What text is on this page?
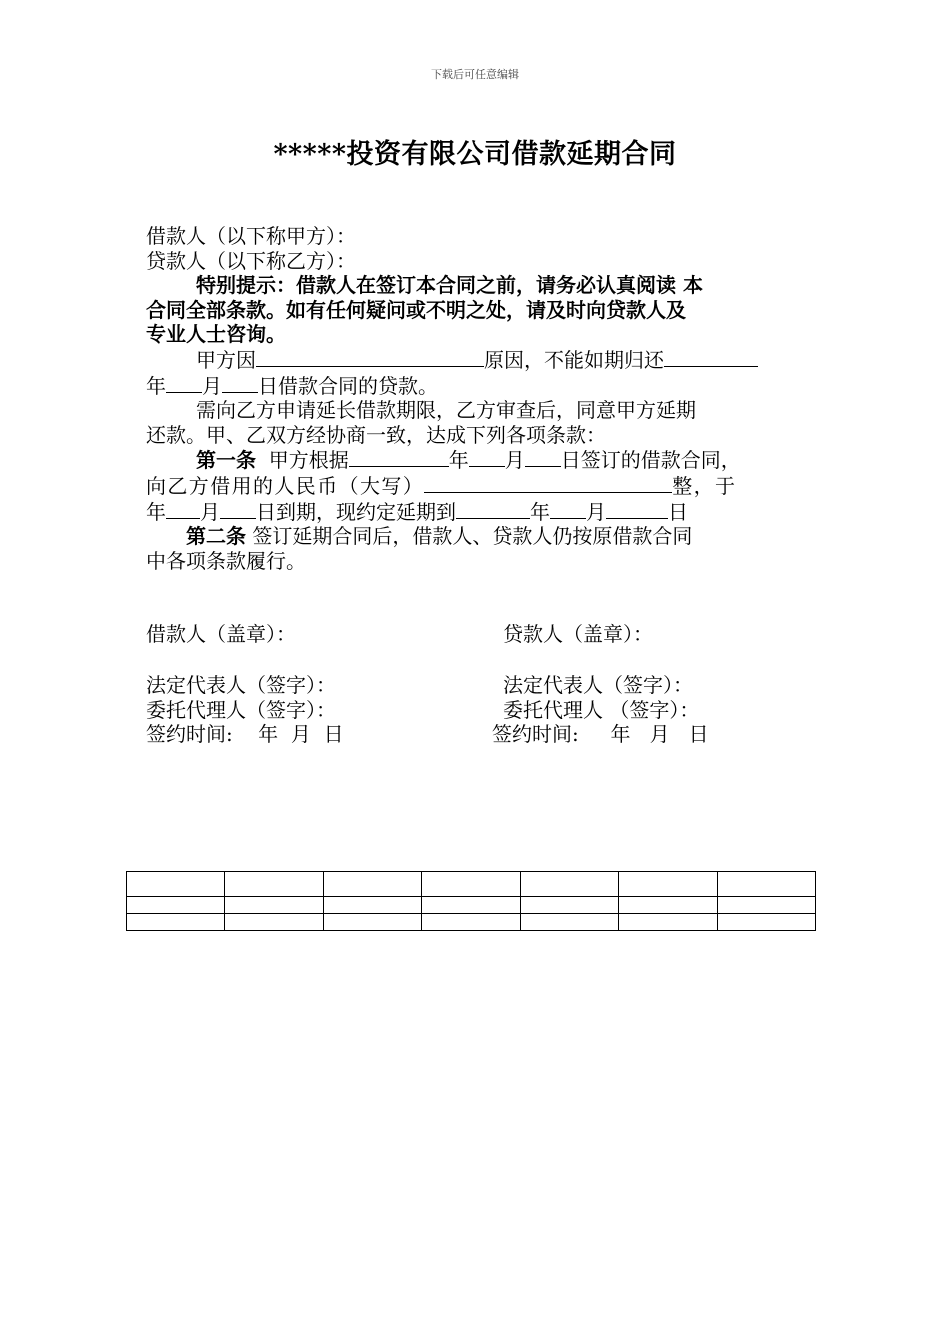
下载后可任意编辑
*****投资有限公司借款延期合同
借款人（以下称甲方）：
贷款人（以下称乙方）：
特别提示：借款人在签订本合同之前，请务必认真阅读 本
合同全部条款。如有任何疑问或不明之处，请及时向贷款人及
专业人士咨询。
甲方因	原因，不能如期归还
年 月 日借款合同的贷款。
需向乙方申请延长借款期限，乙方审查后，同意甲方延期
还款。甲、乙双方经协商一致，达成下列各项条款：
第一条 甲方根据	年 月 日签订的借款合同，
向乙方借用的人民币（大写）	整，于
年 月 日到期，现约定延期到	年 月	日
第二条 签订延期合同后，借款人、贷款人仍按原借款合同
中各项条款履行。
借款人（盖章）：	贷款人（盖章）：
法定代表人（签字）：	法定代表人（签字）：
委托代理人（签字）：	委托代理人 （签字）：
签约时间:    年  月  日	签约时间:     年   月   日
